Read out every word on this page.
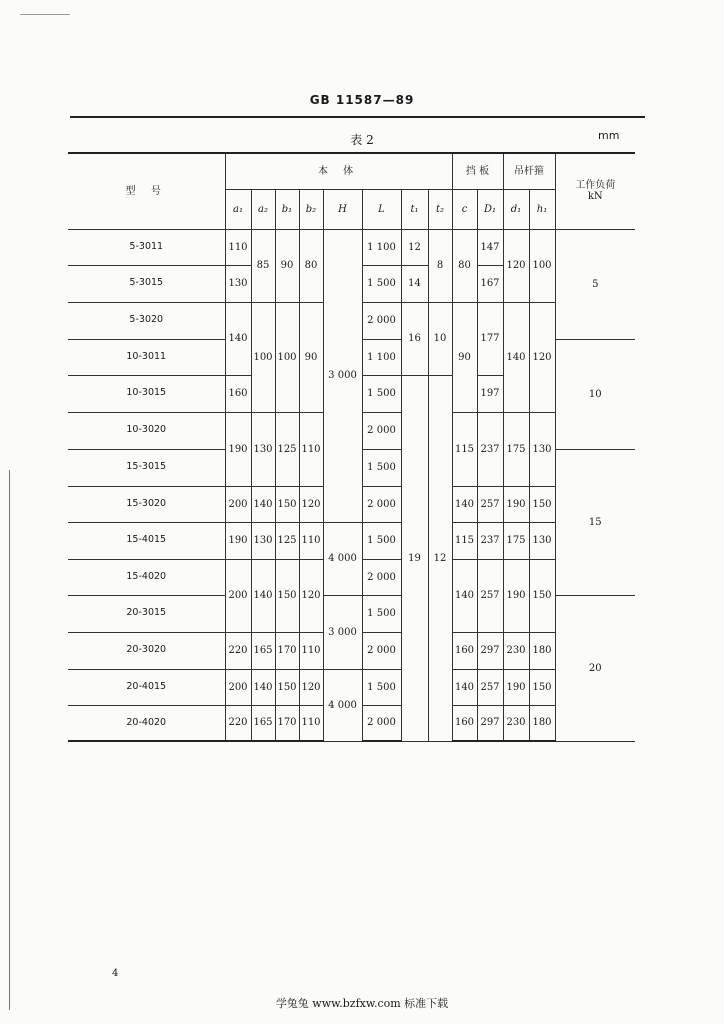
GB 11587—89
表 2	mm
型 号	本 体								挡 板		吊杆箍		工作负荷
kN

	a₁	a₂	b₁	b₂	H	L	t₁	t₂	c	D₁	d₁	h₁	
5-3011	110	85	90	80	3 000	1 100	12	8	80	147	120	100	5
5-3015	130					1 500	14			167			
5-3020	140	100	100	90		2 000	16	10	90	177	140	120	
10-3011						1 100							10
10-3015	160					1 500	19	12		197			
10-3020	190	130	125	110		2 000			115	237	175	130	
15-3015						1 500							15
15-3020	200	140	150	120		2 000			140	257	190	150	
15-4015	190	130	125	110	4 000	1 500			115	237	175	130	
15-4020	200	140	150	120		2 000			140	257	190	150	
20-3015					3 000	1 500							20
20-3020	220	165	170	110		2 000			160	297	230	180	
20-4015	200	140	150	120	4 000	1 500			140	257	190	150	
20-4020	220	165	170	110		2 000			160	297	230	180	
4
学兔兔 www.bzfxw.com 标准下载
